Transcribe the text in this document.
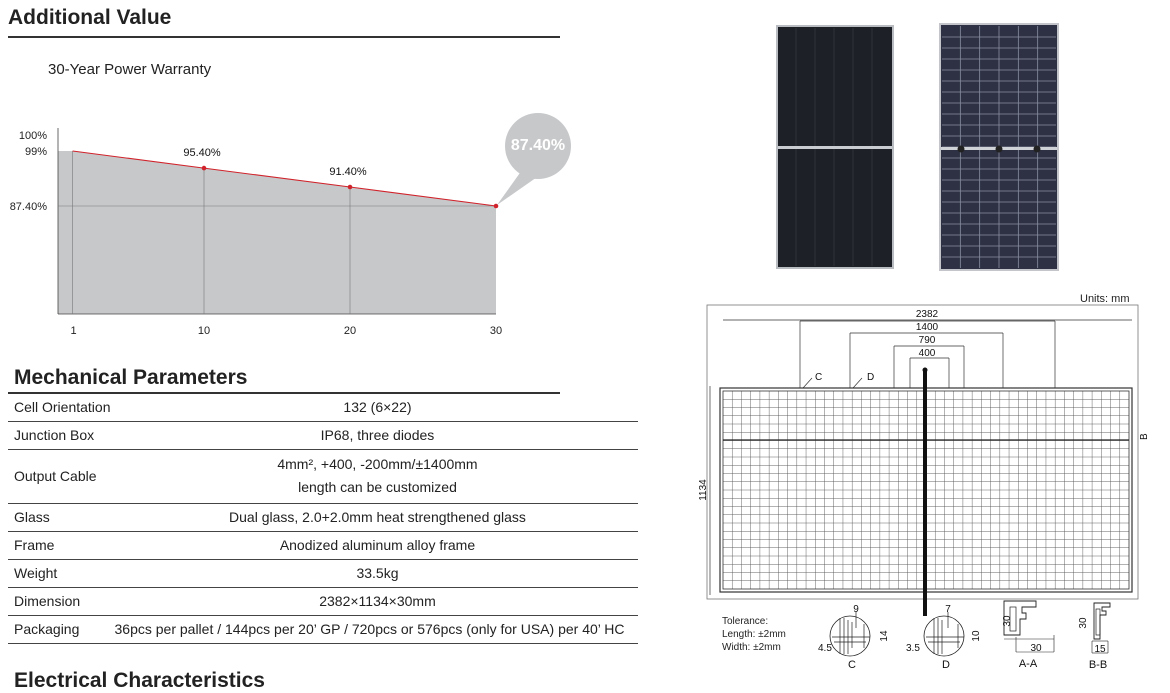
Additional Value
30-Year Power Warranty
100%
99%
87.40%
1	10	20	30
95.40%
91.40%
87.40%
Mechanical Parameters
Cell Orientation	132 (6×22)
Junction Box	IP68, three diodes
Output Cable	4mm², +400, -200mm/±1400mm
length can be customized

Glass	Dual glass, 2.0+2.0mm heat strengthened glass
Frame	Anodized aluminum alloy frame
Weight	33.5kg
Dimension	2382×1134×30mm
Packaging	36pcs per pallet / 144pcs per 20’ GP / 720pcs or 576pcs (only for USA) per 40’ HC
Electrical Characteristics
Units: mm
2382
1400
790
400
1134
C	D
B
Tolerance:
Length: ±2mm
Width: ±2mm
9
4.5
14
C
7
3.5
10
D
30
30
A-A
30
15
B-B
